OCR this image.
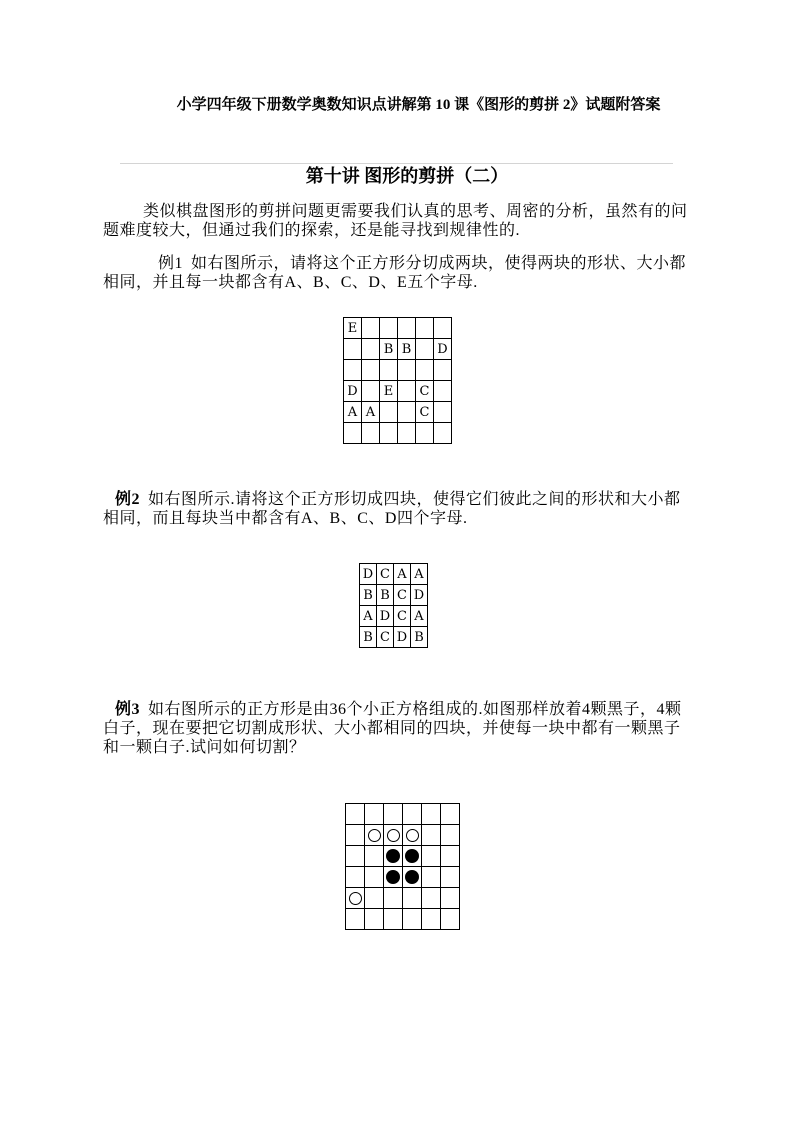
小学四年级下册数学奥数知识点讲解第 10 课《图形的剪拼 2》试题附答案
第十讲 图形的剪拼（二）

类似棋盘图形的剪拼问题更需要我们认真的思考、周密的分析，虽然有的问题难度较大，但通过我们的探索，还是能寻找到规律性的.

例1 如右图所示，请将这个正方形分切成两块，使得两块的形状、大小都相同，并且每一块都含有A、B、C、D、E五个字母.

E					
		B	B		D

D		E		C	
A	A			C	

例2 如右图所示.请将这个正方形切成四块，使得它们彼此之间的形状和大小都相同，而且每块当中都含有A、B、C、D四个字母.

D	C	A	A
B	B	C	D
A	D	C	A
B	C	D	B

例3 如右图所示的正方形是由36个小正方格组成的.如图那样放着4颗黑子，4颗白子，现在要把它切割成形状、大小都相同的四块，并使每一块中都有一颗黑子和一颗白子.试问如何切割？
